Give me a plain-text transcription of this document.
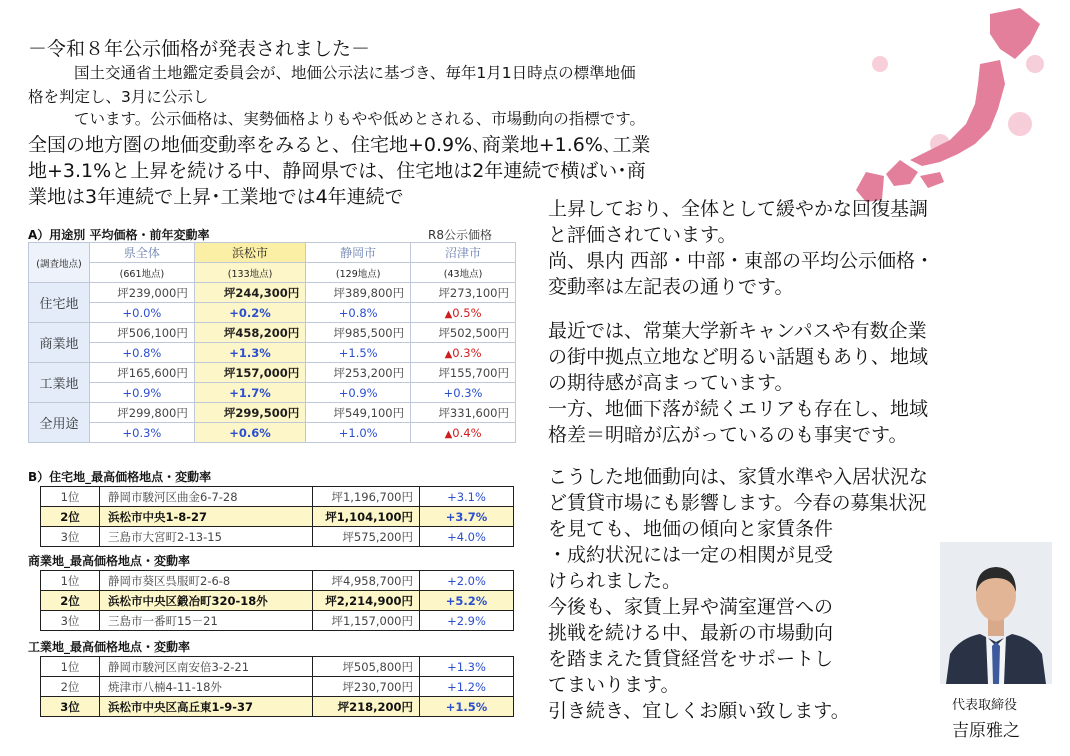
－令和８年公示価格が発表されました－
国土交通省土地鑑定委員会が、地価公示法に基づき、毎年1月1日時点の標準地価
格を判定し、3月に公示し
ています。公示価格は、実勢価格よりもやや低めとされる、市場動向の指標です。
全国の地方圏の地価変動率をみると、住宅地+0.9%､商業地+1.6%､工業
地+3.1%と上昇を続ける中、静岡県では、住宅地は2年連続で横ばい･商
業地は3年連続で上昇･工業地では4年連続で
上昇しており、全体として緩やかな回復基調
と評価されています。
尚、県内 西部・中部・東部の平均公示価格・
変動率は左記表の通りです。
最近では、常葉大学新キャンパスや有数企業
の街中拠点立地など明るい話題もあり、地域
の期待感が高まっています。
一方、地価下落が続くエリアも存在し、地域
格差＝明暗が広がっているのも事実です。
こうした地価動向は、家賃水準や入居状況な
ど賃貸市場にも影響します。今春の募集状況
を見ても、地価の傾向と家賃条件
・成約状況には一定の相関が見受
けられました。
今後も、家賃上昇や満室運営への
挑戦を続ける中、最新の市場動向
を踏まえた賃貸経営をサポートし
てまいります。
引き続き、宜しくお願い致します。
A）用途別 平均価格・前年変動率	R8公示価格
(調査地点)	県全体	浜松市	静岡市	沼津市
	(661地点)	(133地点)	(129地点)	(43地点)
住宅地	坪239,000円	坪244,300円	坪389,800円	坪273,100円
	+0.0%	+0.2%	+0.8%	▲0.5%
商業地	坪506,100円	坪458,200円	坪985,500円	坪502,500円
	+0.8%	+1.3%	+1.5%	▲0.3%
工業地	坪165,600円	坪157,000円	坪253,200円	坪155,700円
	+0.9%	+1.7%	+0.9%	+0.3%
全用途	坪299,800円	坪299,500円	坪549,100円	坪331,600円
	+0.3%	+0.6%	+1.0%	▲0.4%
B）住宅地_最高価格地点・変動率
1位	静岡市駿河区曲金6-7-28	坪1,196,700円	+3.1%
2位	浜松市中央1-8-27	坪1,104,100円	+3.7%
3位	三島市大宮町2-13-15	坪575,200円	+4.0%
商業地_最高価格地点・変動率
1位	静岡市葵区呉服町2-6-8	坪4,958,700円	+2.0%
2位	浜松市中央区鍛冶町320-18外	坪2,214,900円	+5.2%
3位	三島市一番町15－21	坪1,157,000円	+2.9%
工業地_最高価格地点・変動率
1位	静岡市駿河区南安倍3-2-21	坪505,800円	+1.3%
2位	焼津市八楠4-11-18外	坪230,700円	+1.2%
3位	浜松市中央区高丘東1-9-37	坪218,200円	+1.5%	代表取締役
吉原雅之
